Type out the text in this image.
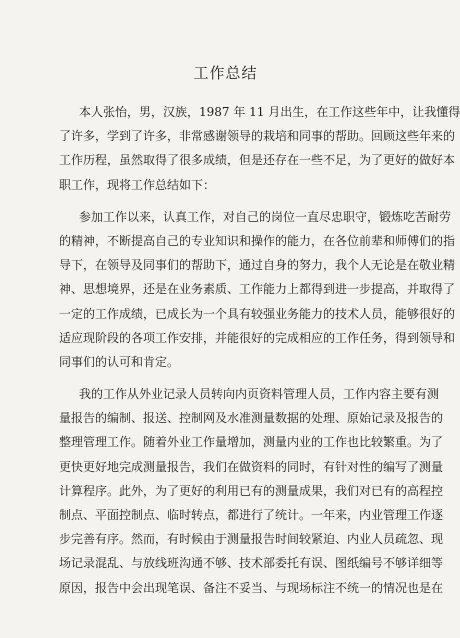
工作总结
本人张怡，男，汉族，1987 年 11 月出生，在工作这些年中，让我懂得
了许多，学到了许多，非常感谢领导的栽培和同事的帮助。回顾这些年来的
工作历程，虽然取得了很多成绩，但是还存在一些不足，为了更好的做好本
职工作，现将工作总结如下：
参加工作以来，认真工作，对自己的岗位一直尽忠职守，锻炼吃苦耐劳
的精神，不断提高自己的专业知识和操作的能力，在各位前辈和师傅们的指
导下，在领导及同事们的帮助下，通过自身的努力，我个人无论是在敬业精
神、思想境界，还是在业务素质、工作能力上都得到进一步提高，并取得了
一定的工作成绩，已成长为一个具有较强业务能力的技术人员，能够很好的
适应现阶段的各项工作安排，并能很好的完成相应的工作任务，得到领导和
同事们的认可和肯定。
我的工作从外业记录人员转向内页资料管理人员，工作内容主要有测
量报告的编制、报送、控制网及水准测量数据的处理、原始记录及报告的
整理管理工作。随着外业工作量增加，测量内业的工作也比较繁重。为了
更快更好地完成测量报告，我们在做资料的同时，有针对性的编写了测量
计算程序。此外，为了更好的利用已有的测量成果，我们对已有的高程控
制点、平面控制点、临时转点，都进行了统计。一年来，内业管理工作逐
步完善有序。然而，有时候由于测量报告时间较紧迫、内业人员疏忽、现
场记录混乱、与放线班沟通不够、技术部委托有误、图纸编号不够详细等
原因，报告中会出现笔误、备注不妥当、与现场标注不统一的情况也是在
